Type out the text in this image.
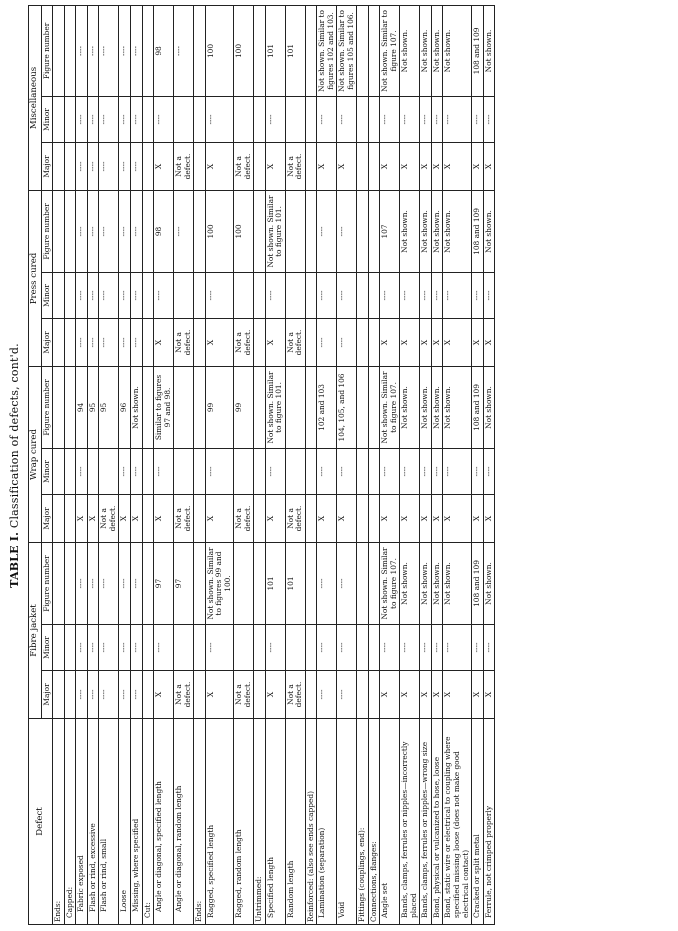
TABLE I. Classification of defects, cont'd.
Defect	Fibre jacket			Wrap cured			Press cured			Miscellaneous		
	Major	Minor	Figure number	Major	Minor	Figure number	Major	Minor	Figure number	Major	Minor	Figure number
Ends:												
Capped:												
Fabric exposed	----	----	----	X	----	94	----	----	----	----	----	----
Flash or rind, excessive	----	----	----	X		95	----	----	----	----	----	----
Flash or rind, small	----	----	----	Not a defect.		95	----	----	----	----	----	----
Loose	----	----	----	X	----	96	----	----	----	----	----	----
Missing, where specified	----	----	----	X	----	Not shown.	----	----	----	----	----	----
Cut:												
Angle or diagonal, specified length	X	----	97	X	----	Similar to figures 97 and 98.	X	----	98	X	----	98
Angle or diagonal, random length	Not a defect.		97	Not a defect.			Not a defect.		----	Not a defect.		----
Ends:												
Ragged, specified length	X	----	Not shown. Similar to figures 99 and 100.	X	----	99	X	----	100	X	----	100
Ragged, random length	Not a defect.			Not a defect.		99	Not a defect.		100	Not a defect.		100
Untrimmed:												
Specified length	X	----	101	X	----	Not shown. Similar to figure 101.	X	----	Not shown. Similar to figure 101.	X	----	101
Random length	Not a defect.		101	Not a defect.			Not a defect.			Not a defect.		101
Reinforced: (also see ends capped)												
Lamination (separation)	----	----	----	X	----	102 and 103	----	----	----	X	----	Not shown. Similar to figures 102 and 103.
Void	----	----	----	X	----	104, 105, and 106	----	----	----	X	----	Not shown. Similar to figures 105 and 106.
Fittings (couplings, end):												
Connections, flanges:												
Angle set	X	----	Not shown. Similar to figure 107.	X	----	Not shown. Similar to figure 107.	X	----	107	X	----	Not shown. Similar to figure 107.
Bands, clamps, ferrules or nipples—incorrectly placed	X	----	Not shown.	X	----	Not shown.	X	----	Not shown.	X	----	Not shown.
Bands, clamps, ferrules or nipples—wrong size	X	----	Not shown.	X	----	Not shown.	X	----	Not shown.	X	----	Not shown.
Bond, physical or vulcanized to hose, loose	X	----	Not shown.	X	----	Not shown.	X	----	Not shown.	X	----	Not shown.
Bond, static wire or electrical to coupling where specified missing loose (does not make good electrical contact)	X	----	Not shown.	X	----	Not shown.	X	----	Not shown.	X	----	Not shown.
Cracked or split metal	X	----	108 and 109	X	----	108 and 109	X	----	108 and 109	X	----	108 and 109
Ferrule, not crimped properly	X	----	Not shown.	X	----	Not shown.	X	----	Not shown.	X	----	Not shown.
